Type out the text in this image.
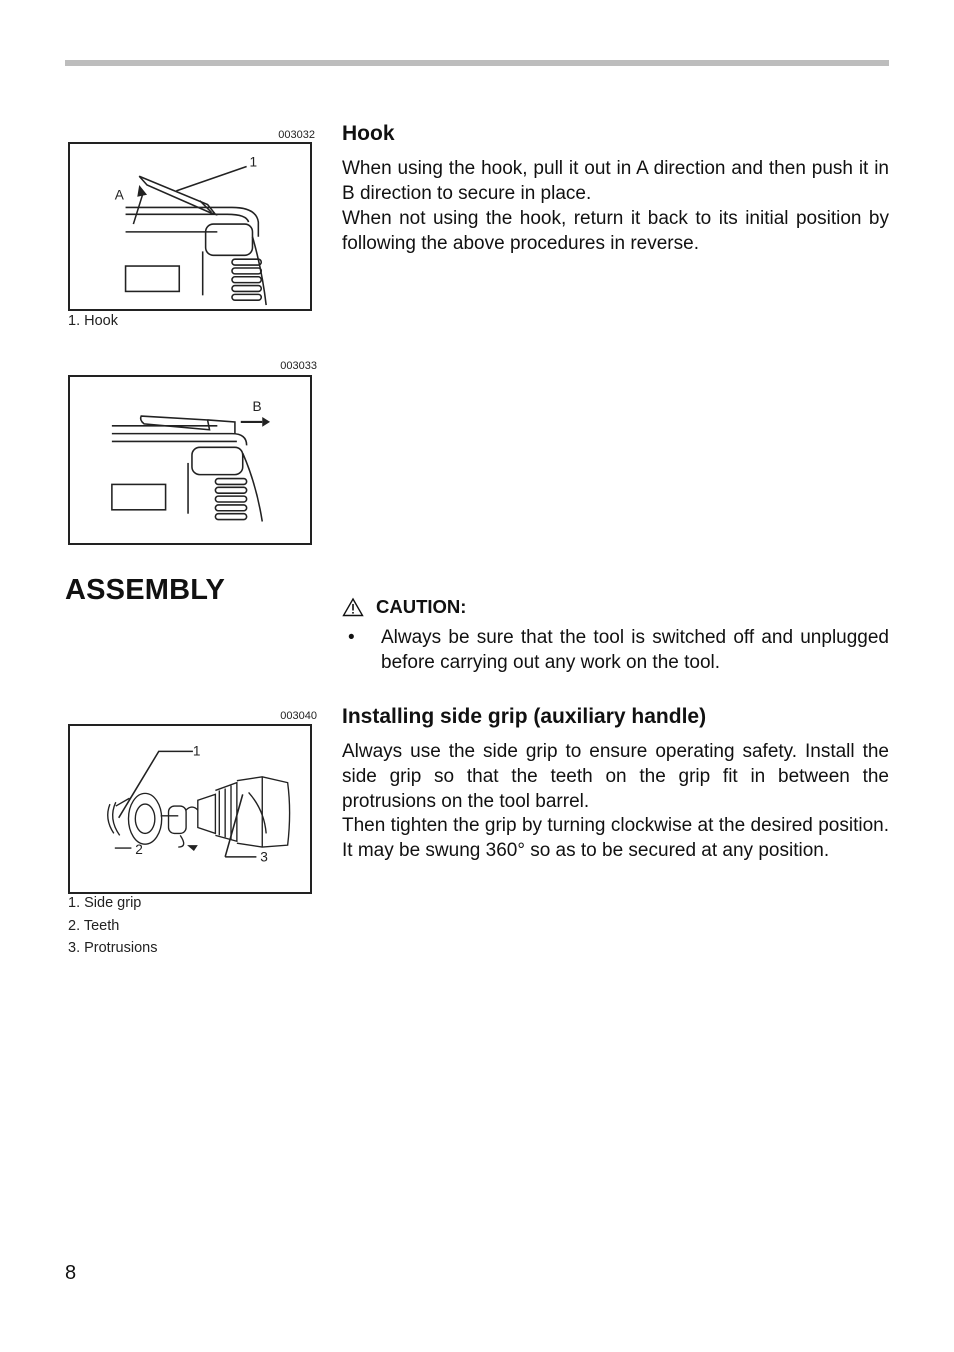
003032
1
A
1. Hook
003033
B
003040
1
2
3
1. Side grip
2. Teeth
3. Protrusions
Hook

When using the hook, pull it out in A direction and then push it in B direction to secure in place.

When not using the hook, return it back to its initial position by following the above procedures in reverse.

ASSEMBLY
CAUTION:
•	Always be sure that the tool is switched off and unplugged before carrying out any work on the tool.
Installing side grip (auxiliary handle)

Always use the side grip to ensure operating safety. Install the side grip so that the teeth on the grip fit in between the protrusions on the tool barrel.

Then tighten the grip by turning clockwise at the desired position. It may be swung 360° so as to be secured at any position.

8
